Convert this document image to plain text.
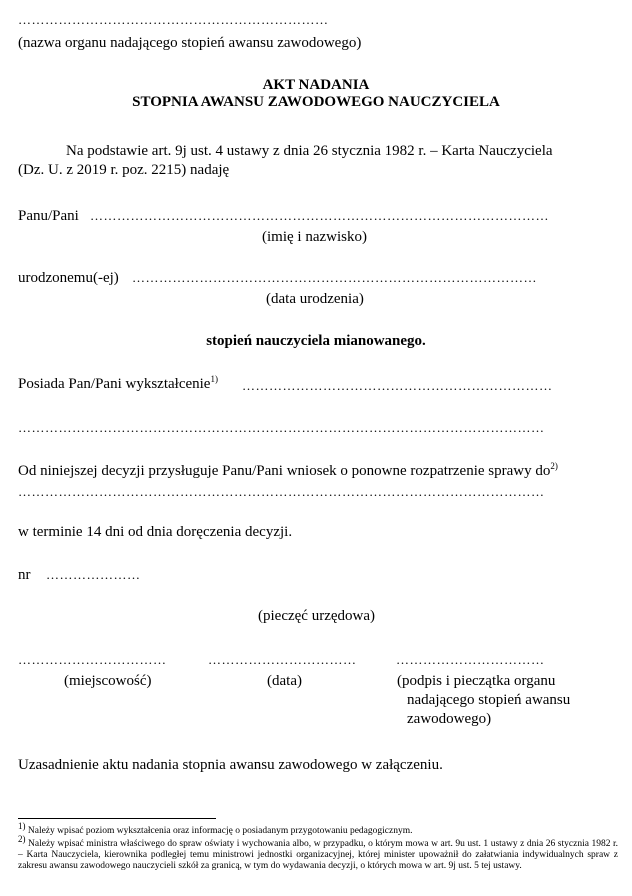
……………………………………………………………
(nazwa organu nadającego stopień awansu zawodowego)
AKT NADANIA
STOPNIA AWANSU ZAWODOWEGO NAUCZYCIELA
Na podstawie art. 9j ust. 4 ustawy z dnia 26 stycznia 1982 r. – Karta Nauczyciela
(Dz. U. z 2019 r. poz. 2215) nadaję
Panu/Pani …………………………………………………………………………………………
(imię i nazwisko)
urodzonemu(-ej) ………………………………………………………………………………
(data urodzenia)
stopień nauczyciela mianowanego.
Posiada Pan/Pani wykształcenie$^{1)}$ ……………………………………………………………
………………………………………………………………………………………………………
Od niniejszej decyzji przysługuje Panu/Pani wniosek o ponowne rozpatrzenie sprawy $do^{2)}$
………………………………………………………………………………………………………
w terminie 14 dni od dnia doręczenia decyzji.
nr …………………
(pieczęć urzędowa)
……………………………	……………………………	……………………………
(miejscowość)	(data)	(podpis i pieczątka organu
nadającego stopień awansu
zawodowego)
Uzasadnienie aktu nadania stopnia awansu zawodowego w załączeniu.
$^{1)}$ Należy wpisać poziom wykształcenia oraz informację o posiadanym przygotowaniu pedagogicznym.
$^{2)}$ Należy wpisać ministra właściwego do spraw oświaty i wychowania albo, w przypadku, o którym mowa w art. 9u ust. 1 ustawy z dnia 26 stycznia 1982 r. – Karta Nauczyciela, kierownika podległej temu ministrowi jednostki organizacyjnej, której minister upoważnił do załatwiania indywidualnych spraw z zakresu awansu zawodowego nauczycieli szkół za granicą, w tym do wydawania decyzji, o których mowa w art. 9j ust. 5 tej ustawy.
